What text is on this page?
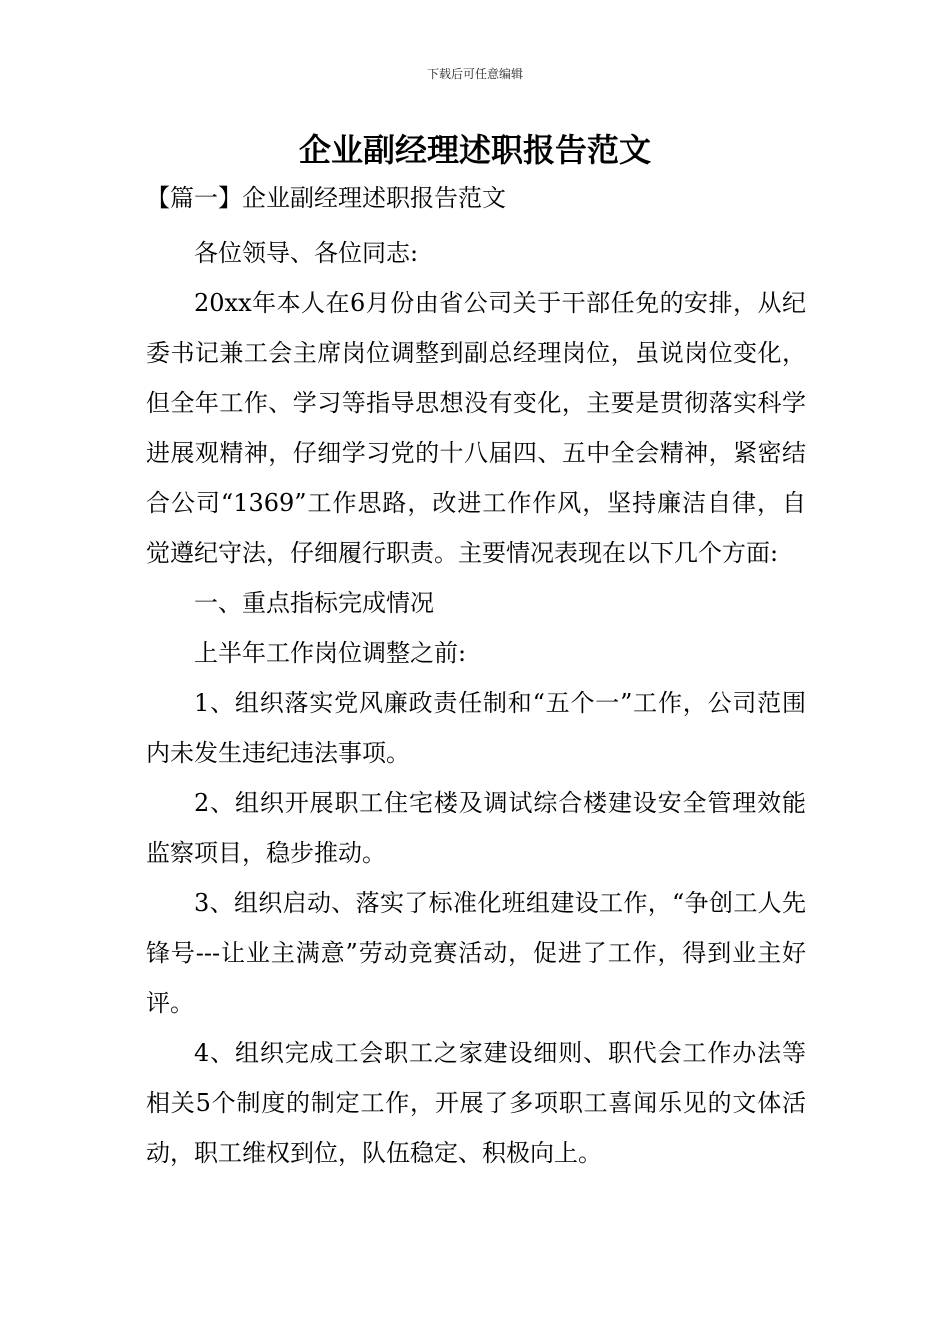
下载后可任意编辑
企业副经理述职报告范文
【篇一】企业副经理述职报告范文

各位领导、各位同志:

20xx年本人在6月份由省公司关于干部任免的安排，从纪委书记兼工会主席岗位调整到副总经理岗位，虽说岗位变化，但全年工作、学习等指导思想没有变化，主要是贯彻落实科学进展观精神，仔细学习党的十八届四、五中全会精神，紧密结合公司“1369”工作思路，改进工作作风，坚持廉洁自律，自觉遵纪守法，仔细履行职责。主要情况表现在以下几个方面:

一、重点指标完成情况

上半年工作岗位调整之前:

1、组织落实党风廉政责任制和“五个一”工作，公司范围内未发生违纪违法事项。

2、组织开展职工住宅楼及调试综合楼建设安全管理效能监察项目，稳步推动。

3、组织启动、落实了标准化班组建设工作，“争创工人先锋号---让业主满意”劳动竞赛活动，促进了工作，得到业主好评。

4、组织完成工会职工之家建设细则、职代会工作办法等相关5个制度的制定工作，开展了多项职工喜闻乐见的文体活动，职工维权到位，队伍稳定、积极向上。
